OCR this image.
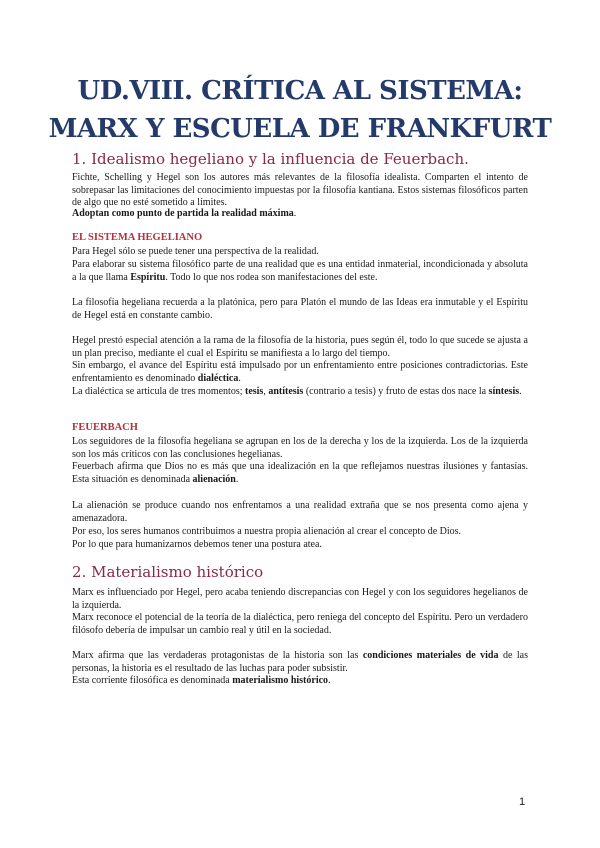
UD.VIII. CRÍTICA AL SISTEMA:
MARX Y ESCUELA DE FRANKFURT
1. Idealismo hegeliano y la influencia de Feuerbach.
Fichte, Schelling y Hegel son los autores más relevantes de la filosofía idealista. Comparten el intento de sobrepasar las limitaciones del conocimiento impuestas por la filosofía kantiana. Estos sistemas filosóficos parten de algo que no esté sometido a límites.
Adoptan como punto de partida la realidad máxima.
EL SISTEMA HEGELIANO
Para Hegel sólo se puede tener una perspectiva de la realidad.
Para elaborar su sistema filosófico parte de una realidad que es una entidad inmaterial, incondicionada y absoluta a la que llama Espíritu. Todo lo que nos rodea son manifestaciones del este.
La filosofía hegeliana recuerda a la platónica, pero para Platón el mundo de las Ideas era inmutable y el Espíritu de Hegel está en constante cambio.
Hegel prestó especial atención a la rama de la filosofía de la historia, pues según él, todo lo que sucede se ajusta a un plan preciso, mediante el cual el Espíritu se manifiesta a lo largo del tiempo.
Sin embargo, el avance del Espíritu está impulsado por un enfrentamiento entre posiciones contradictorias. Este enfrentamiento es denominado dialéctica.
La dialéctica se articula de tres momentos; tesis, antítesis (contrario a tesis) y fruto de estas dos nace la síntesis.
FEUERBACH
Los seguidores de la filosofía hegeliana se agrupan en los de la derecha y los de la izquierda. Los de la izquierda son los más críticos con las conclusiones hegelianas.
Feuerbach afirma que Dios no es más que una idealización en la que reflejamos nuestras ilusiones y fantasías. Esta situación es denominada alienación.
La alienación se produce cuando nos enfrentamos a una realidad extraña que se nos presenta como ajena y amenazadora.
Por eso, los seres humanos contribuimos a nuestra propia alienación al crear el concepto de Dios.
Por lo que para humanizarnos debemos tener una postura atea.
2. Materialismo histórico
Marx es influenciado por Hegel, pero acaba teniendo discrepancias con Hegel y con los seguidores hegelianos de la izquierda.
Marx reconoce el potencial de la teoría de la dialéctica, pero reniega del concepto del Espíritu. Pero un verdadero filósofo debería de impulsar un cambio real y útil en la sociedad.
Marx afirma que las verdaderas protagonistas de la historia son las condiciones materiales de vida de las personas, la historia es el resultado de las luchas para poder subsistir.
Esta corriente filosófica es denominada materialismo histórico.
1
